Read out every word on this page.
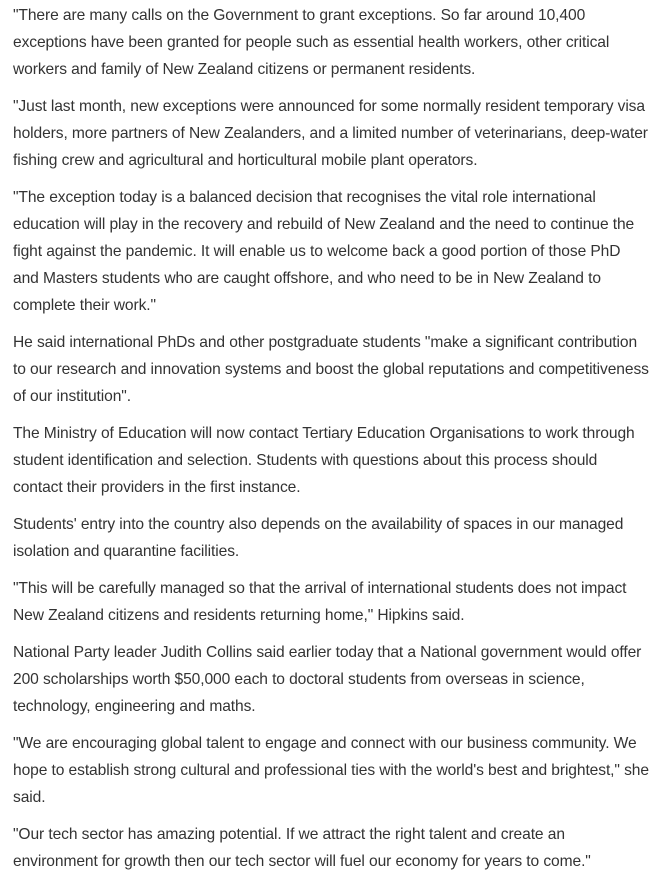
"There are many calls on the Government to grant exceptions. So far around 10,400 exceptions have been granted for people such as essential health workers, other critical workers and family of New Zealand citizens or permanent residents.

"Just last month, new exceptions were announced for some normally resident temporary visa holders, more partners of New Zealanders, and a limited number of veterinarians, deep-water fishing crew and agricultural and horticultural mobile plant operators.

"The exception today is a balanced decision that recognises the vital role international education will play in the recovery and rebuild of New Zealand and the need to continue the fight against the pandemic. It will enable us to welcome back a good portion of those PhD and Masters students who are caught offshore, and who need to be in New Zealand to complete their work."

He said international PhDs and other postgraduate students "make a significant contribution to our research and innovation systems and boost the global reputations and competitiveness of our institution".

The Ministry of Education will now contact Tertiary Education Organisations to work through student identification and selection. Students with questions about this process should contact their providers in the first instance.

Students' entry into the country also depends on the availability of spaces in our managed isolation and quarantine facilities.

"This will be carefully managed so that the arrival of international students does not impact New Zealand citizens and residents returning home," Hipkins said.

National Party leader Judith Collins said earlier today that a National government would offer 200 scholarships worth $50,000 each to doctoral students from overseas in science, technology, engineering and maths.

"We are encouraging global talent to engage and connect with our business community. We hope to establish strong cultural and professional ties with the world's best and brightest," she said.

"Our tech sector has amazing potential. If we attract the right talent and create an environment for growth then our tech sector will fuel our economy for years to come."
